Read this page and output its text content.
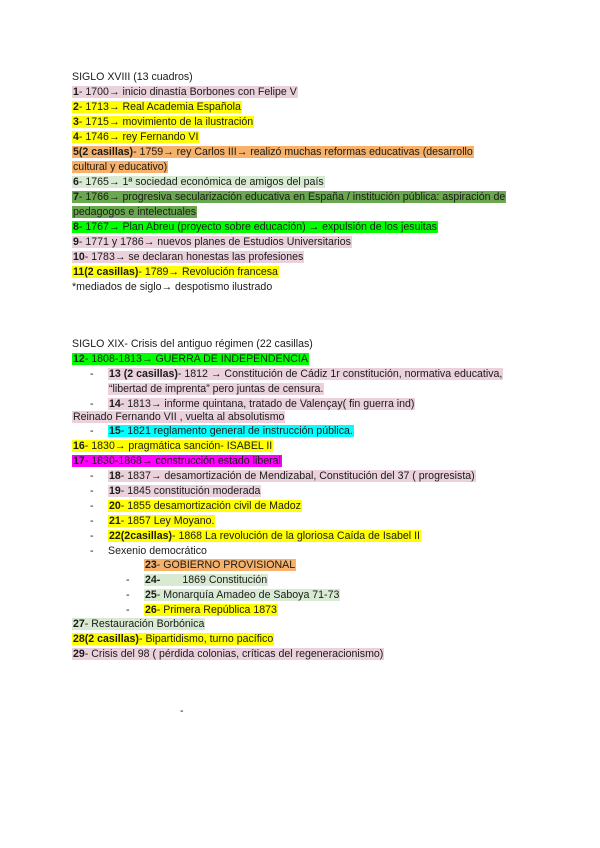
SIGLO XVIII (13 cuadros)
1- 1700→ inicio dinastía Borbones con Felipe V
2- 1713→ Real Academia Española
3- 1715→ movimiento de la ilustración
4- 1746→ rey Fernando VI
5(2 casillas)- 1759→ rey Carlos III→ realizó muchas reformas educativas (desarrollo
cultural y educativo)
6- 1765→ 1ª sociedad económica de amigos del país
7- 1766→ progresiva secularización educativa en España / institución pública: aspiración de
pedagogos e intelectuales
8- 1767→ Plan Abreu (proyecto sobre educación) → expulsión de los jesuitas
9- 1771 y 1786→ nuevos planes de Estudios Universitarios
10- 1783→ se declaran honestas las profesiones
11(2 casillas)- 1789→ Revolución francesa
*mediados de siglo→ despotismo ilustrado
SIGLO XIX- Crisis del antiguo régimen (22 casillas)
12- 1808-1813→ GUERRA DE INDEPENDENCIA
- 13 (2 casillas)- 1812 → Constitución de Cádiz 1r constitución, normativa educativa,
“libertad de imprenta” pero juntas de censura.
- 14- 1813→ informe quintana, tratado de Valençay( fin guerra ind)
Reinado Fernando VII , vuelta al absolutismo
- 15- 1821 reglamento general de instrucción pública.
16- 1830→ pragmática sanción- ISABEL II
17- 1830-1868→ construcción estado liberal
- 18- 1837→ desamortización de Mendizabal, Constitución del 37 ( progresista)
- 19- 1845 constitución moderada
- 20- 1855 desamortización civil de Madoz
- 21- 1857 Ley Moyano.
- 22(2casillas)- 1868 La revolución de la gloriosa Caída de Isabel II
- Sexenio democrático
23- GOBIERNO PROVISIONAL
- 24- 1869 Constitución
- 25- Monarquía Amadeo de Saboya 71-73
- 26- Primera República 1873
27- Restauración Borbónica
28(2 casillas)- Bipartidismo, turno pacífico
29- Crisis del 98 ( pérdida colonias, críticas del regeneracionismo)
-
